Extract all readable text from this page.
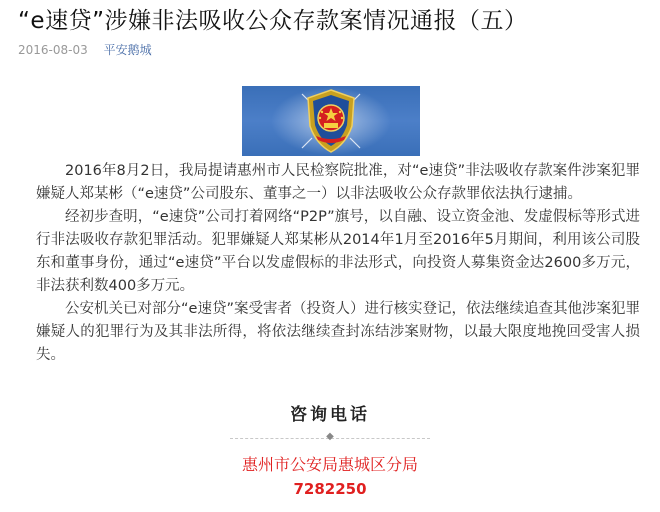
“e速贷”涉嫌非法吸收公众存款案情况通报（五）
2016-08-03 平安鹅城

2016年8月2日，我局提请惠州市人民检察院批准，对“e速贷”非法吸收存款案件涉案犯罪嫌疑人郑某彬（“e速贷”公司股东、董事之一）以非法吸收公众存款罪依法执行逮捕。

经初步查明，“e速贷”公司打着网络“P2P”旗号，以自融、设立资金池、发虚假标等形式进行非法吸收存款犯罪活动。犯罪嫌疑人郑某彬从2014年1月至2016年5月期间，利用该公司股东和董事身份，通过“e速贷”平台以发虚假标的非法形式，向投资人募集资金达2600多万元，非法获利数400多万元。

公安机关已对部分“e速贷”案受害者（投资人）进行核实登记，依法继续追查其他涉案犯罪嫌疑人的犯罪行为及其非法所得，将依法继续查封冻结涉案财物，以最大限度地挽回受害人损失。

咨询电话
◆
惠州市公安局惠城区分局
7282250
